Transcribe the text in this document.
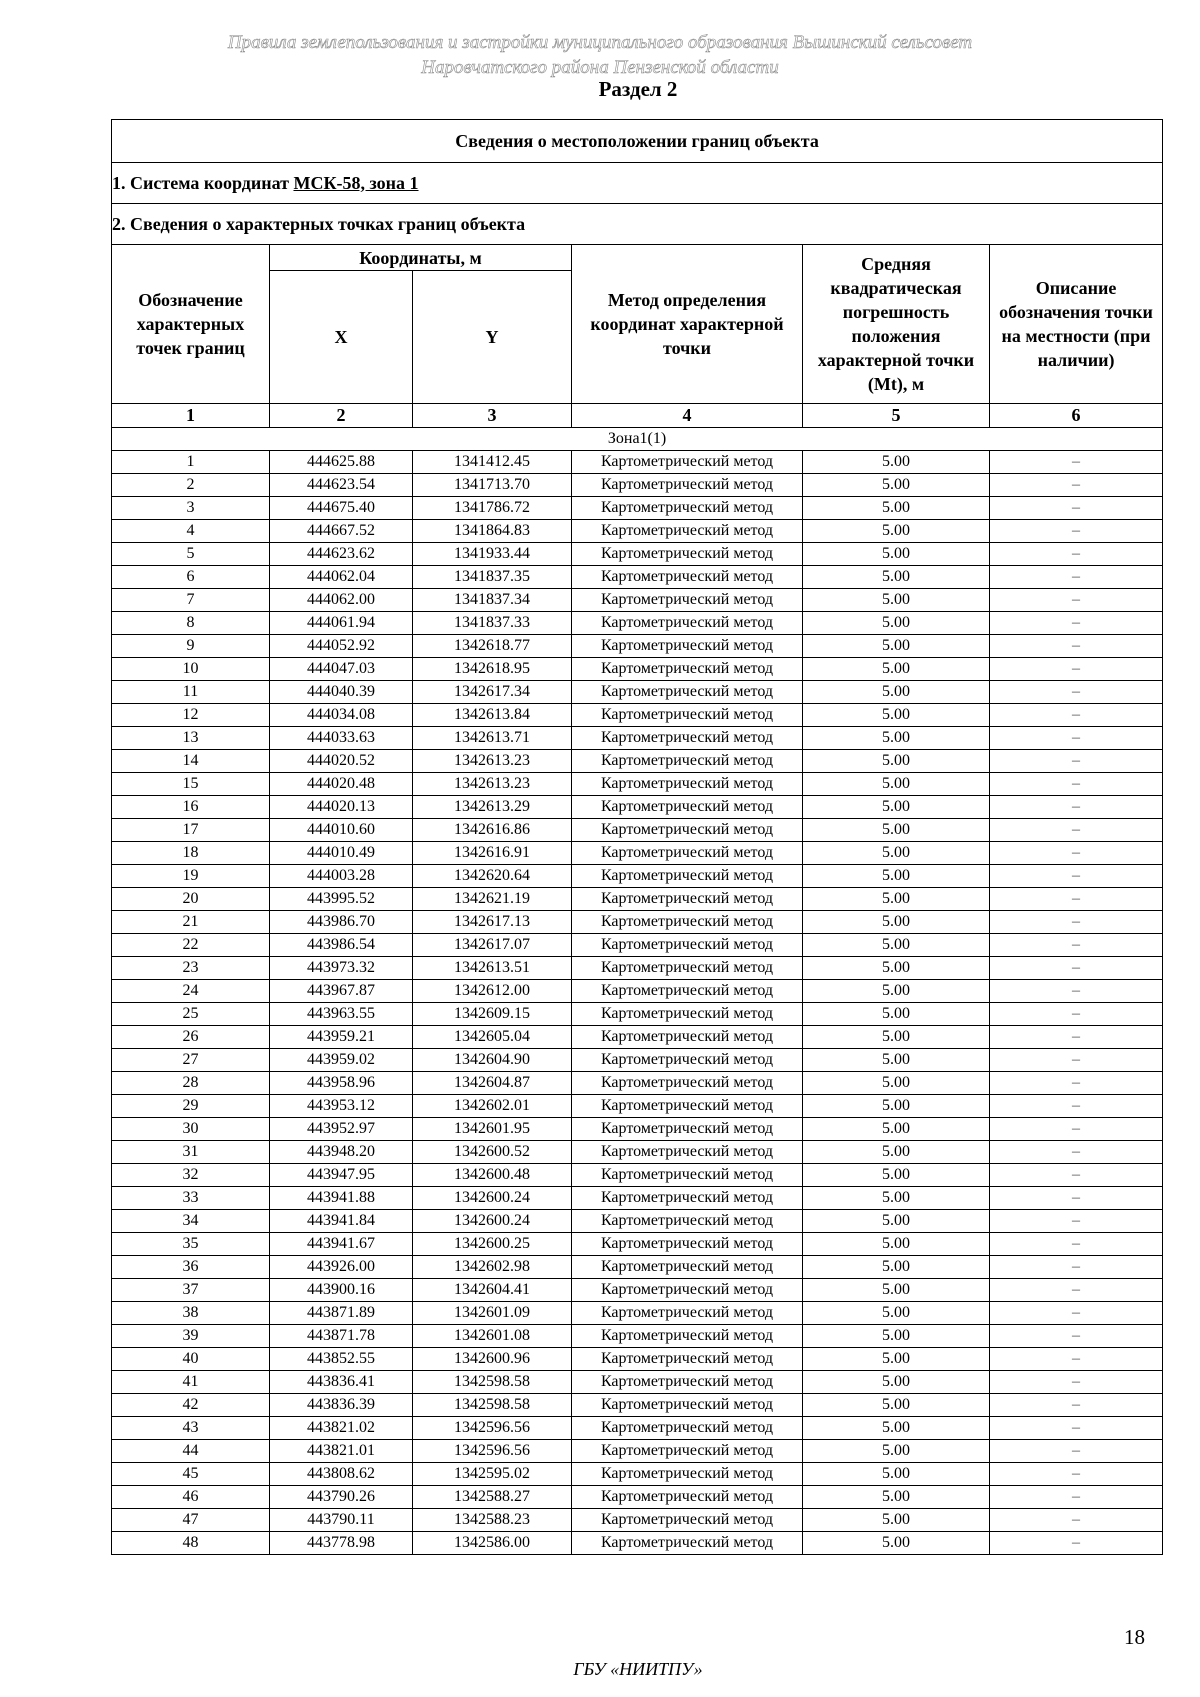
Правила землепользования и застройки муниципального образования Вышинский сельсовет
Наровчатского района Пензенской области
Раздел 2
Сведения о местоположении границ объекта					
1. Система координат МСК-58, зона 1					
2. Сведения о характерных точках границ объекта					
Обозначение характерных точек границ	Координаты, м		Метод определения координат характерной точки	Средняя квадратическая погрешность положения характерной точки (Mt), м	Описание обозначения точки на местности (при наличии)
	X	Y			
1	2	3	4	5	6
Зона1(1)					
1	444625.88	1341412.45	Картометрический метод	5.00	–
2	444623.54	1341713.70	Картометрический метод	5.00	–
3	444675.40	1341786.72	Картометрический метод	5.00	–
4	444667.52	1341864.83	Картометрический метод	5.00	–
5	444623.62	1341933.44	Картометрический метод	5.00	–
6	444062.04	1341837.35	Картометрический метод	5.00	–
7	444062.00	1341837.34	Картометрический метод	5.00	–
8	444061.94	1341837.33	Картометрический метод	5.00	–
9	444052.92	1342618.77	Картометрический метод	5.00	–
10	444047.03	1342618.95	Картометрический метод	5.00	–
11	444040.39	1342617.34	Картометрический метод	5.00	–
12	444034.08	1342613.84	Картометрический метод	5.00	–
13	444033.63	1342613.71	Картометрический метод	5.00	–
14	444020.52	1342613.23	Картометрический метод	5.00	–
15	444020.48	1342613.23	Картометрический метод	5.00	–
16	444020.13	1342613.29	Картометрический метод	5.00	–
17	444010.60	1342616.86	Картометрический метод	5.00	–
18	444010.49	1342616.91	Картометрический метод	5.00	–
19	444003.28	1342620.64	Картометрический метод	5.00	–
20	443995.52	1342621.19	Картометрический метод	5.00	–
21	443986.70	1342617.13	Картометрический метод	5.00	–
22	443986.54	1342617.07	Картометрический метод	5.00	–
23	443973.32	1342613.51	Картометрический метод	5.00	–
24	443967.87	1342612.00	Картометрический метод	5.00	–
25	443963.55	1342609.15	Картометрический метод	5.00	–
26	443959.21	1342605.04	Картометрический метод	5.00	–
27	443959.02	1342604.90	Картометрический метод	5.00	–
28	443958.96	1342604.87	Картометрический метод	5.00	–
29	443953.12	1342602.01	Картометрический метод	5.00	–
30	443952.97	1342601.95	Картометрический метод	5.00	–
31	443948.20	1342600.52	Картометрический метод	5.00	–
32	443947.95	1342600.48	Картометрический метод	5.00	–
33	443941.88	1342600.24	Картометрический метод	5.00	–
34	443941.84	1342600.24	Картометрический метод	5.00	–
35	443941.67	1342600.25	Картометрический метод	5.00	–
36	443926.00	1342602.98	Картометрический метод	5.00	–
37	443900.16	1342604.41	Картометрический метод	5.00	–
38	443871.89	1342601.09	Картометрический метод	5.00	–
39	443871.78	1342601.08	Картометрический метод	5.00	–
40	443852.55	1342600.96	Картометрический метод	5.00	–
41	443836.41	1342598.58	Картометрический метод	5.00	–
42	443836.39	1342598.58	Картометрический метод	5.00	–
43	443821.02	1342596.56	Картометрический метод	5.00	–
44	443821.01	1342596.56	Картометрический метод	5.00	–
45	443808.62	1342595.02	Картометрический метод	5.00	–
46	443790.26	1342588.27	Картометрический метод	5.00	–
47	443790.11	1342588.23	Картометрический метод	5.00	–
48	443778.98	1342586.00	Картометрический метод	5.00	–
18
ГБУ «НИИТПУ»
